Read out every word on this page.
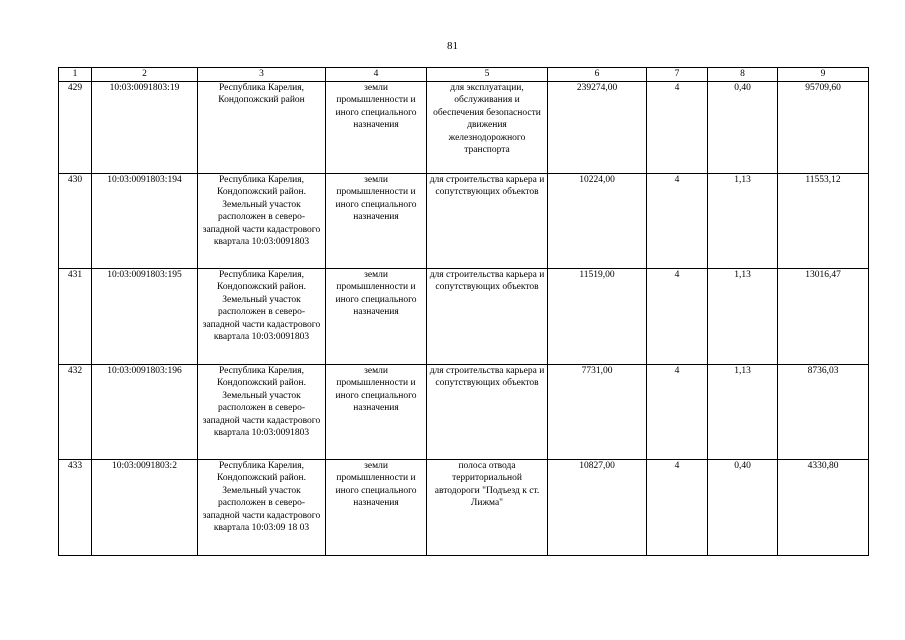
81
1	2	3	4	5	6	7	8	9
429	10:03:0091803:19	Республика Карелия, Кондопожский район	земли промышленности и иного специального назначения	для эксплуатации, обслуживания и обеспечения безопасности движения железнодорожного транспорта	239274,00	4	0,40	95709,60
430	10:03:0091803:194	Республика Карелия, Кондопожский район. Земельный участок расположен в северо-западной части кадастрового квартала 10:03:0091803	земли промышленности и иного специального назначения	для строительства карьера и сопутствующих объектов	10224,00	4	1,13	11553,12
431	10:03:0091803:195	Республика Карелия, Кондопожский район. Земельный участок расположен в северо-западной части кадастрового квартала 10:03:0091803	земли промышленности и иного специального назначения	для строительства карьера и сопутствующих объектов	11519,00	4	1,13	13016,47
432	10:03:0091803:196	Республика Карелия, Кондопожский район. Земельный участок расположен в северо-западной части кадастрового квартала 10:03:0091803	земли промышленности и иного специального назначения	для строительства карьера и сопутствующих объектов	7731,00	4	1,13	8736,03
433	10:03:0091803:2	Республика Карелия, Кондопожский район. Земельный участок расположен в северо-западной части кадастрового квартала 10:03:09 18 03	земли промышленности и иного специального назначения	полоса отвода территориальной автодороги "Подъезд к ст. Лижма"	10827,00	4	0,40	4330,80
